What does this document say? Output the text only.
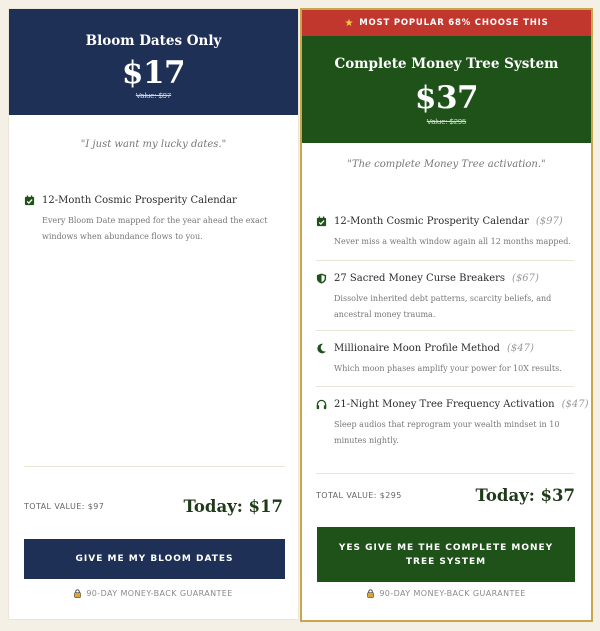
Bloom Dates Only
$17
Value: $97
"I just want my lucky dates."
12-Month Cosmic Prosperity Calendar
Every Bloom Date mapped for the year ahead the exact windows when abundance flows to you.
TOTAL VALUE: $97	Today: $17
GIVE ME MY BLOOM DATES
90-DAY MONEY-BACK GUARANTEE
★ MOST POPULAR 68% CHOOSE THIS
Complete Money Tree System
$37
Value: $295
"The complete Money Tree activation."
12-Month Cosmic Prosperity Calendar ($97)
Never miss a wealth window again all 12 months mapped.
27 Sacred Money Curse Breakers ($67)
Dissolve inherited debt patterns, scarcity beliefs, and ancestral money trauma.
Millionaire Moon Profile Method ($47)
Which moon phases amplify your power for 10X results.
21-Night Money Tree Frequency Activation ($47)
Sleep audios that reprogram your wealth mindset in 10 minutes nightly.
TOTAL VALUE: $295	Today: $37
YES GIVE ME THE COMPLETE MONEY TREE SYSTEM
90-DAY MONEY-BACK GUARANTEE
